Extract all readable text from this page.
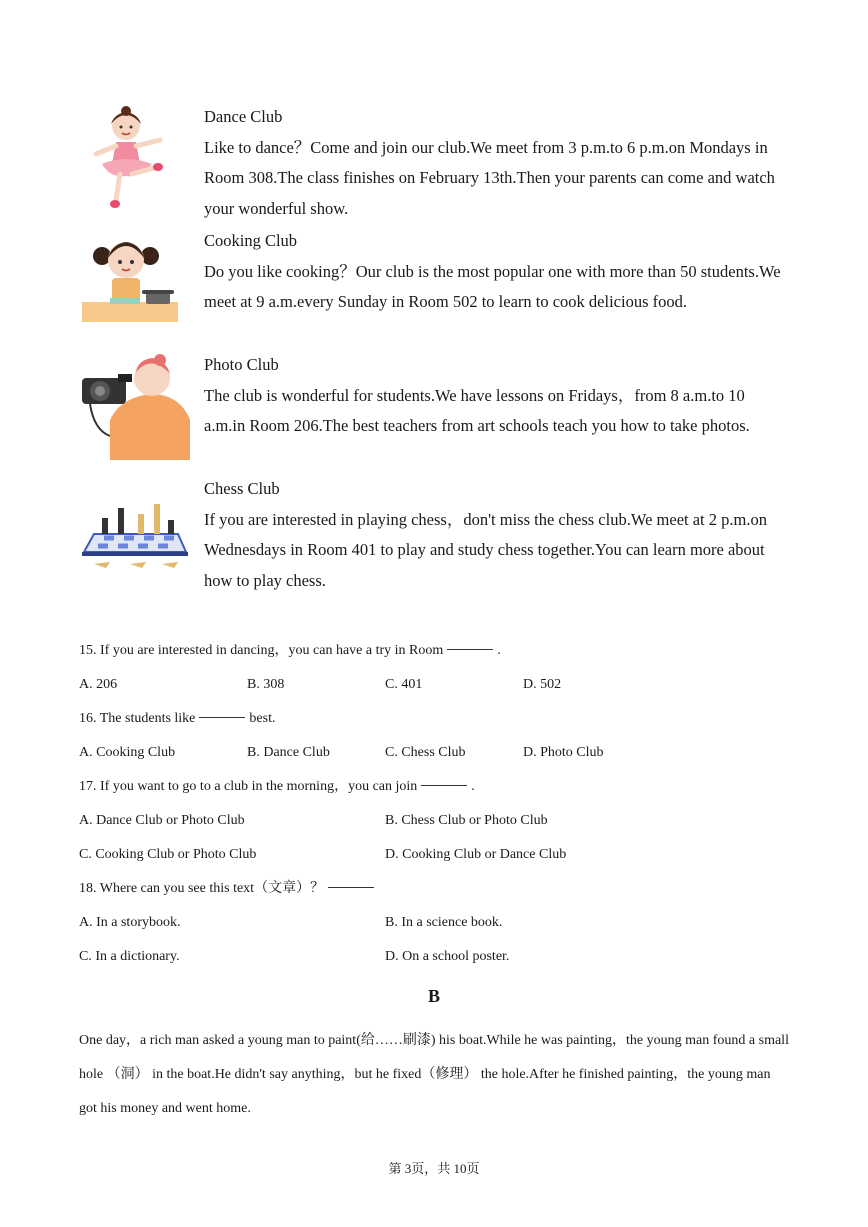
Dance Club
Like to dance？Come and join our club.We meet from 3 p.m.to 6 p.m.on Mondays in Room 308.The class finishes on February 13th.Then your parents can come and watch your wonderful show.
Cooking Club
Do you like cooking？Our club is the most popular one with more than 50 students.We meet at 9 a.m.every Sunday in Room 502 to learn to cook delicious food.
Photo Club
The club is wonderful for students.We have lessons on Fridays，from 8 a.m.to 10 a.m.in Room 206.The best teachers from art schools teach you how to take photos.
Chess Club
If you are interested in playing chess，don't miss the chess club.We meet at 2 p.m.on Wednesdays in Room 401 to play and study chess together.You can learn more about how to play chess.
15. If you are interested in dancing，you can have a try in Room	.
A. 206	B. 308	C. 401	D. 502
16. The students like	best.
A. Cooking Club	B. Dance Club	C. Chess Club	D. Photo Club
17. If you want to go to a club in the morning，you can join	.
A. Dance Club or Photo Club	B. Chess Club or Photo Club
C. Cooking Club or Photo Club	D. Cooking Club or Dance Club
18. Where can you see this text（文章）？
A. In a storybook.	B. In a science book.
C. In a dictionary.	D. On a school poster.
B
One day，a rich man asked a young man to paint(给……刷漆) his boat.While he was painting，the young man found a small hole （洞） in the boat.He didn't say anything，but he fixed（修理） the hole.After he finished painting，the young man got his money and went home.
第 3页，共 10页
